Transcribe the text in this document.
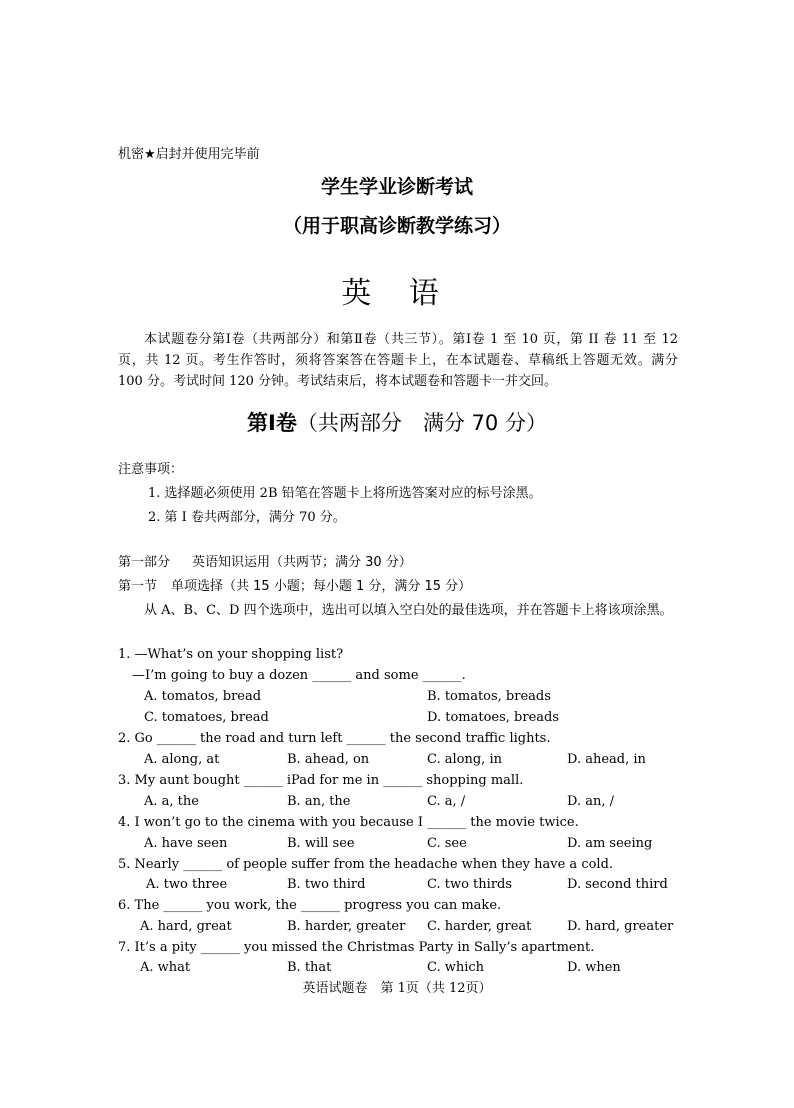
机密★启封并使用完毕前
学生学业诊断考试
（用于职高诊断教学练习）
英 语
本试题卷分第Ⅰ卷（共两部分）和第Ⅱ卷（共三节）。第Ⅰ卷 1 至 10 页，第 II 卷 11 至 12 页，共 12 页。考生作答时，须将答案答在答题卡上，在本试题卷、草稿纸上答题无效。满分 100 分。考试时间 120 分钟。考试结束后，将本试题卷和答题卡一并交回。
第Ⅰ卷（共两部分　满分 70 分）
注意事项：
1. 选择题必须使用 2B 铅笔在答题卡上将所选答案对应的标号涂黑。
2. 第 I 卷共两部分，满分 70 分。
第一部分 英语知识运用（共两节；满分 30 分）
第一节 单项选择（共 15 小题；每小题 1 分，满分 15 分）
从 A、B、C、D 四个选项中，选出可以填入空白处的最佳选项，并在答题卡上将该项涂黑。
1. —What’s on your shopping list?
—I’m going to buy a dozen ______ and some ______.
A. tomatos, bread	B. tomatos, breads
C. tomatoes, bread	D. tomatoes, breads
2. Go ______ the road and turn left ______ the second traffic lights.
A. along, at	B. ahead, on	C. along, in	D. ahead, in
3. My aunt bought ______ iPad for me in ______ shopping mall.
A. a, the	B. an, the	C. a, /	D. an, /
4. I won’t go to the cinema with you because I ______ the movie twice.
A. have seen	B. will see	C. see	D. am seeing
5. Nearly ______ of people suffer from the headache when they have a cold.
A. two three	B. two third	C. two thirds	D. second third
6. The ______ you work, the ______ progress you can make.
A. hard, great	B. harder, greater C. harder, great	D. hard, greater
7. It’s a pity ______ you missed the Christmas Party in Sally’s apartment.
A. what	B. that	C. which	D. when
英语试题卷　第 1页（共 12页）
